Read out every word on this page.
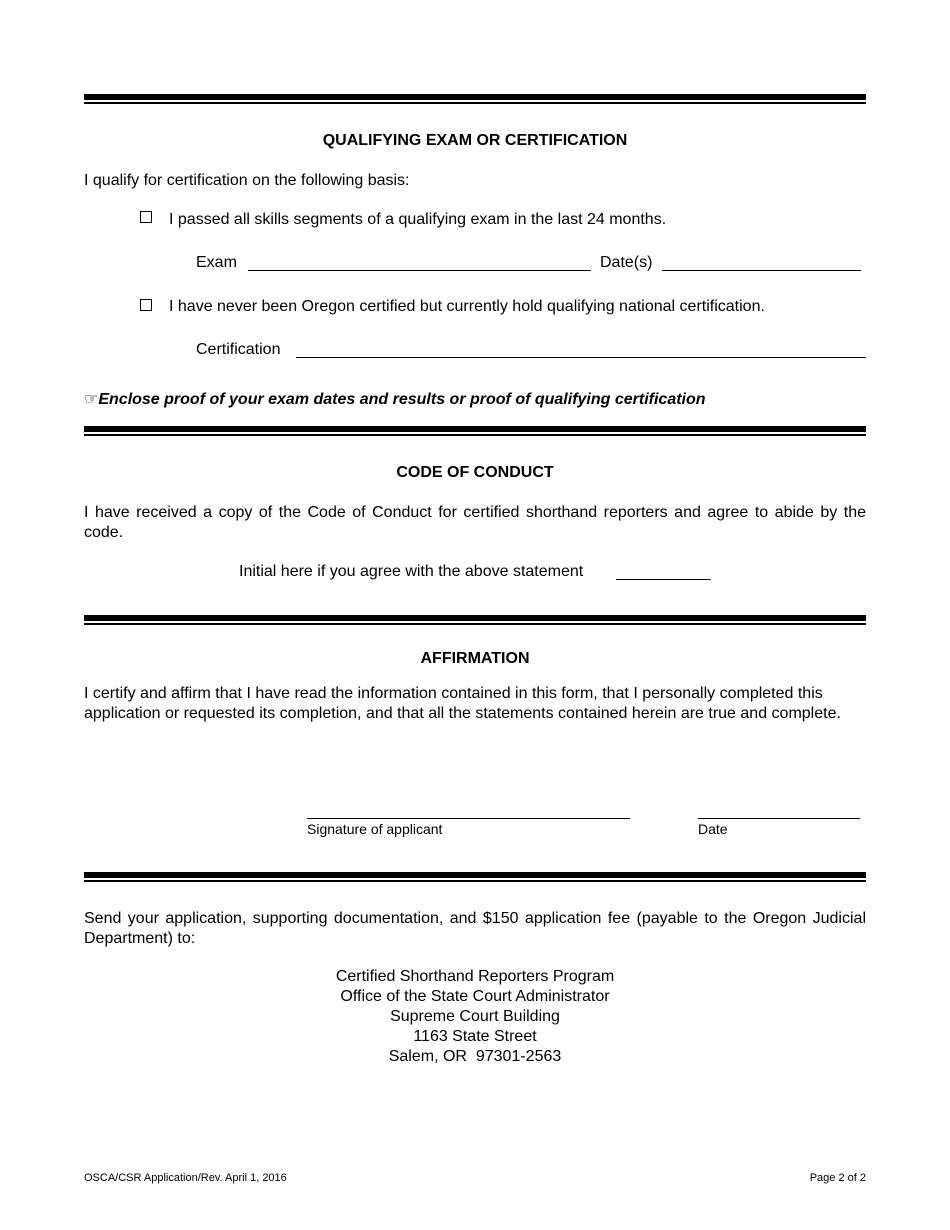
QUALIFYING EXAM OR CERTIFICATION
I qualify for certification on the following basis:
I passed all skills segments of a qualifying exam in the last 24 months.
Exam	Date(s)
I have never been Oregon certified but currently hold qualifying national certification.
Certification
☞Enclose proof of your exam dates and results or proof of qualifying certification
CODE OF CONDUCT
I have received a copy of the Code of Conduct for certified shorthand reporters and agree to abide by the code.
Initial here if you agree with the above statement
AFFIRMATION
I certify and affirm that I have read the information contained in this form, that I personally completed this application or requested its completion, and that all the statements contained herein are true and complete.
Signature of applicant	Date
Send your application, supporting documentation, and $150 application fee (payable to the Oregon Judicial Department) to:
Certified Shorthand Reporters Program
Office of the State Court Administrator
Supreme Court Building
1163 State Street
Salem, OR  97301-2563
OSCA/CSR Application/Rev. April 1, 2016	Page 2 of 2
